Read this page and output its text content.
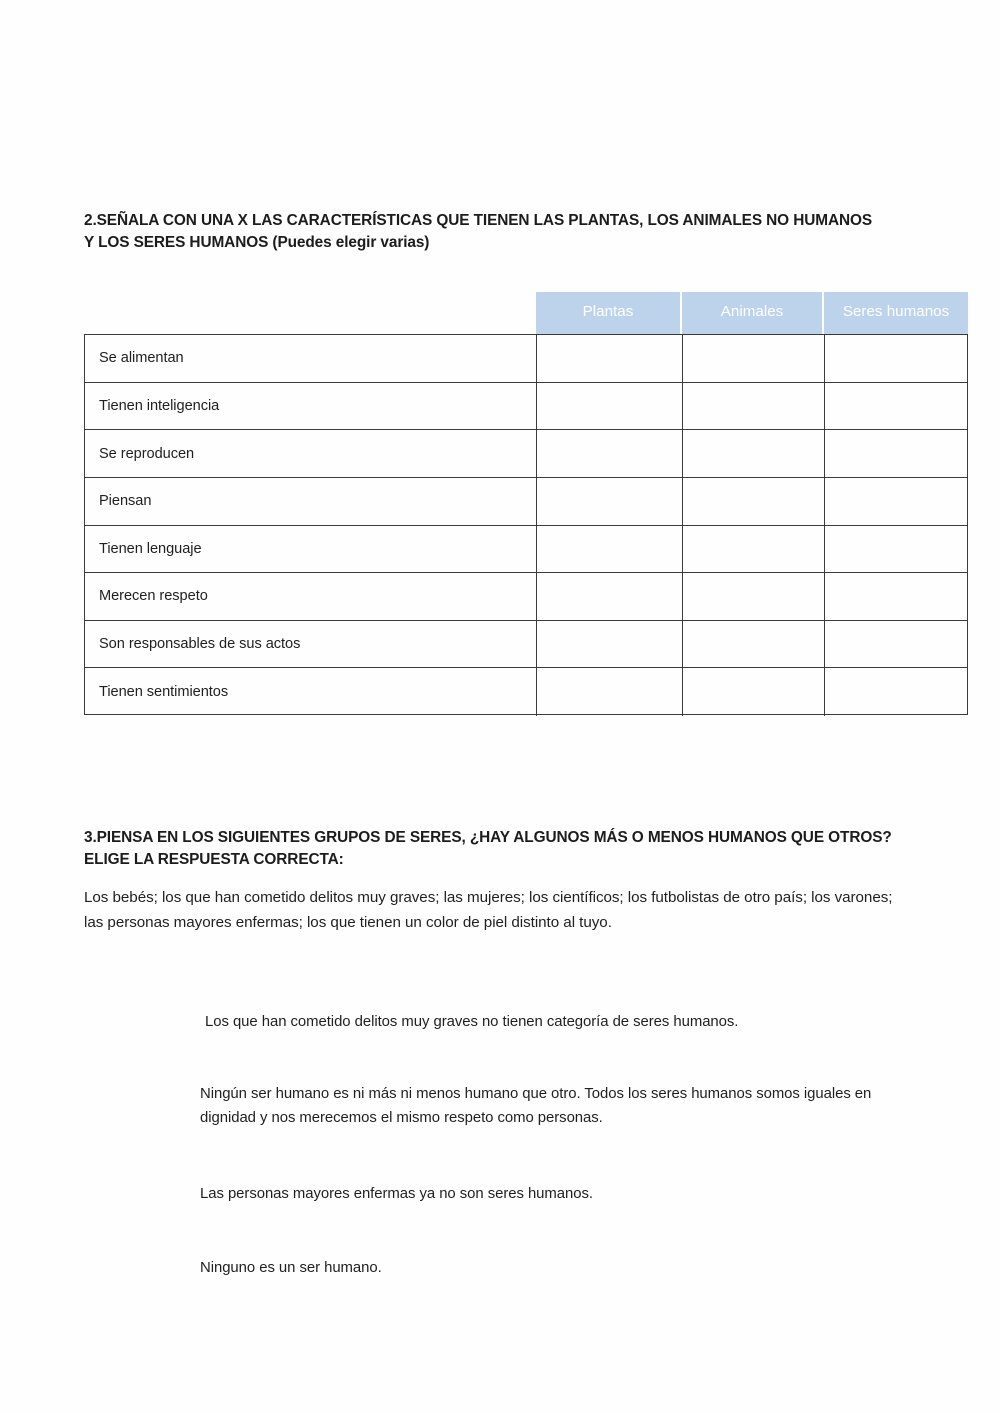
2.SEÑALA CON UNA X LAS CARACTERÍSTICAS QUE TIENEN LAS PLANTAS, LOS ANIMALES NO HUMANOS Y LOS SERES HUMANOS (Puedes elegir varias)
Plantas	Animales	Seres humanos
Se alimentan
Tienen inteligencia
Se reproducen
Piensan
Tienen lenguaje
Merecen respeto
Son responsables de sus actos
Tienen sentimientos
3.PIENSA EN LOS SIGUIENTES GRUPOS DE SERES, ¿HAY ALGUNOS MÁS O MENOS HUMANOS QUE OTROS? ELIGE LA RESPUESTA CORRECTA:
Los bebés; los que han cometido delitos muy graves; las mujeres; los científicos; los futbolistas de otro país; los varones; las personas mayores enfermas; los que tienen un color de piel distinto al tuyo.
Los que han cometido delitos muy graves no tienen categoría de seres humanos.
Ningún ser humano es ni más ni menos humano que otro. Todos los seres humanos somos iguales en dignidad y nos merecemos el mismo respeto como personas.
Las personas mayores enfermas ya no son seres humanos.
Ninguno es un ser humano.
